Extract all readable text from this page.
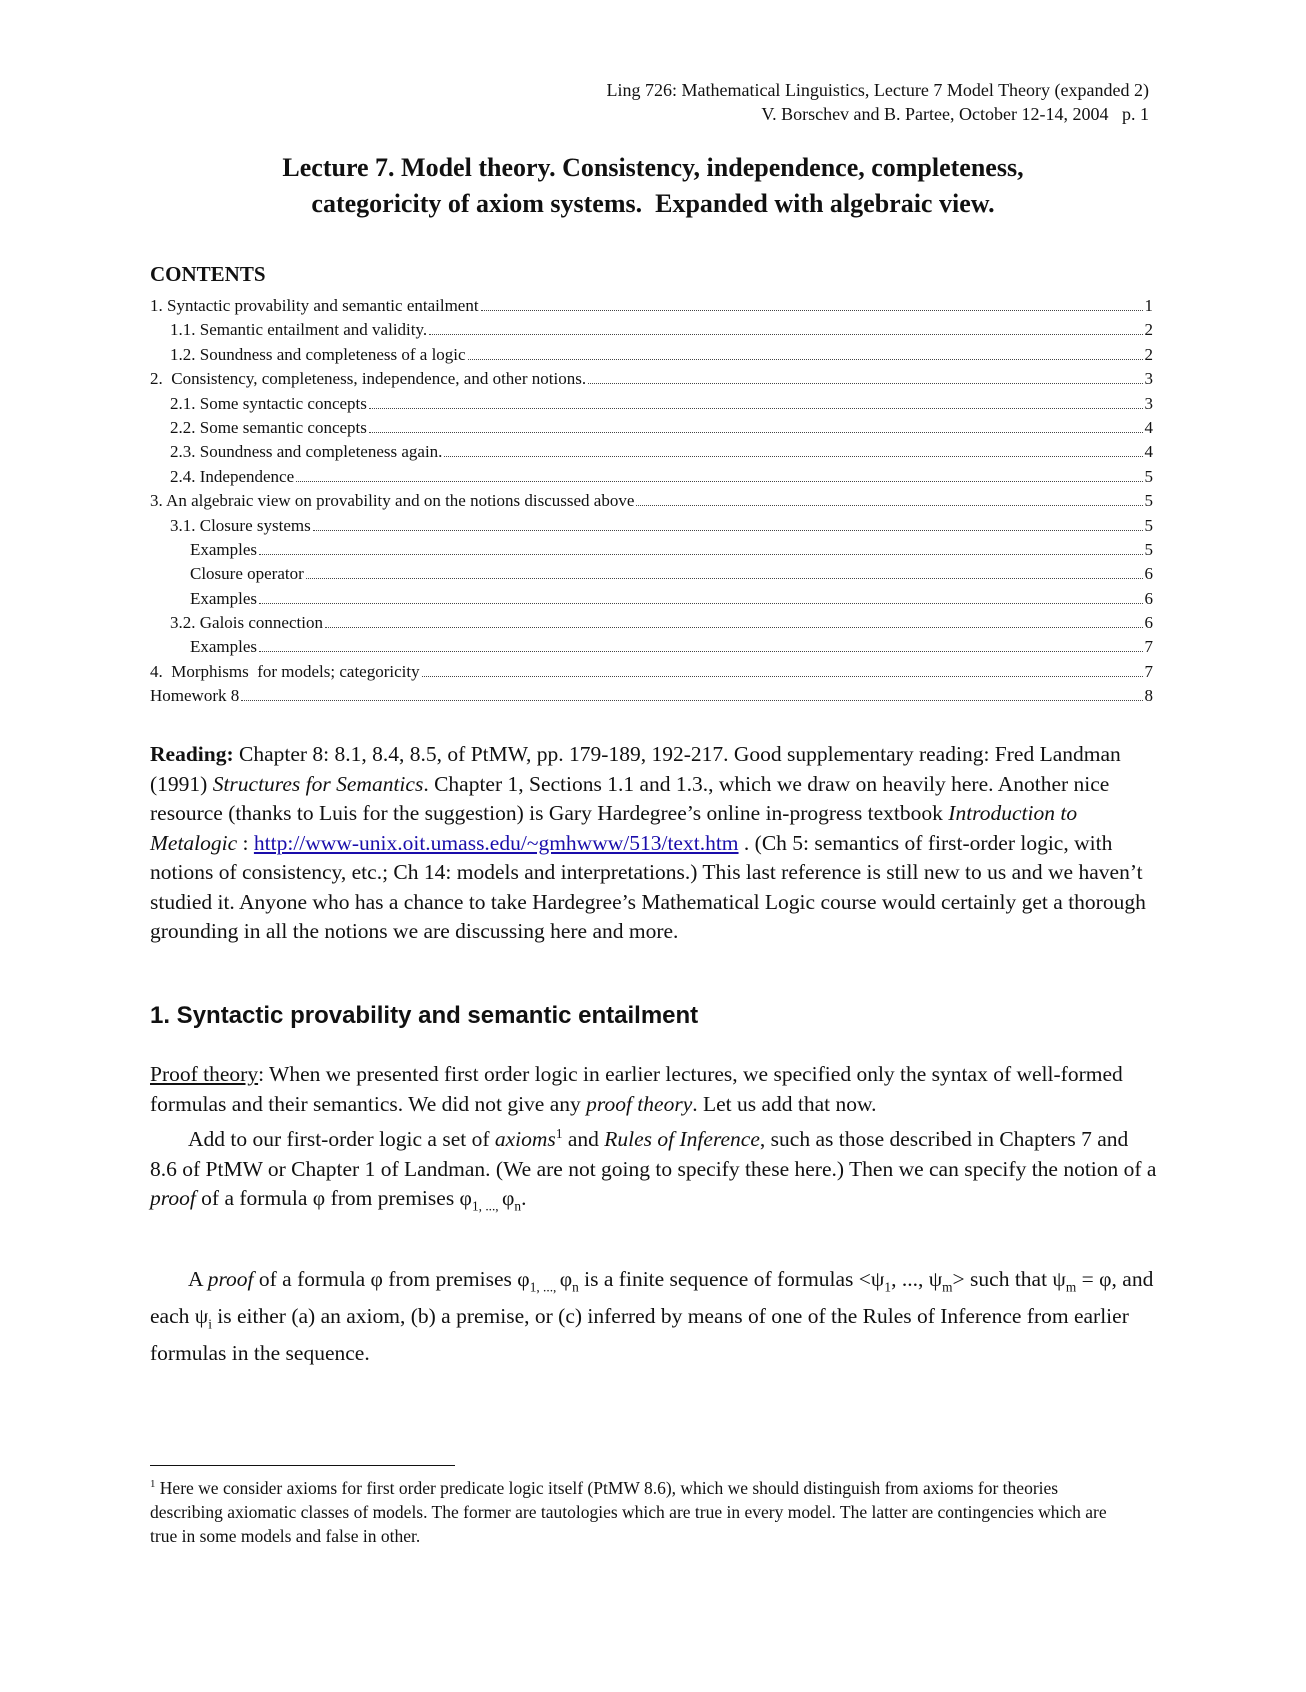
Ling 726: Mathematical Linguistics, Lecture 7 Model Theory (expanded 2)
V. Borschev and B. Partee, October 12-14, 2004   p. 1
Lecture 7. Model theory. Consistency, independence, completeness,
categoricity of axiom systems.  Expanded with algebraic view.
CONTENTS
1. Syntactic provability and semantic entailment	1
1.1. Semantic entailment and validity.	2
1.2. Soundness and completeness of a logic	2
2.  Consistency, completeness, independence, and other notions.	3
2.1. Some syntactic concepts	3
2.2. Some semantic concepts	4
2.3. Soundness and completeness again.	4
2.4. Independence	5
3. An algebraic view on provability and on the notions discussed above	5
3.1. Closure systems	5
Examples	5
Closure operator	6
Examples	6
3.2. Galois connection	6
Examples	7
4.  Morphisms  for models; categoricity	7
Homework 8	8

Reading: Chapter 8: 8.1, 8.4, 8.5, of PtMW, pp. 179-189, 192-217. Good supplementary reading: Fred Landman (1991) Structures for Semantics. Chapter 1, Sections 1.1 and 1.3., which we draw on heavily here. Another nice resource (thanks to Luis for the suggestion) is Gary Hardegree’s online in-progress textbook Introduction to Metalogic : http://www-unix.oit.umass.edu/~gmhwww/513/text.htm . (Ch 5: semantics of first-order logic, with notions of consistency, etc.; Ch 14: models and interpretations.) This last reference is still new to us and we haven’t studied it. Anyone who has a chance to take Hardegree’s Mathematical Logic course would certainly get a thorough grounding in all the notions we are discussing here and more.

1. Syntactic provability and semantic entailment

Proof theory: When we presented first order logic in earlier lectures, we specified only the syntax of well-formed formulas and their semantics. We did not give any proof theory. Let us add that now.

Add to our first-order logic a set of axioms$^1$ and Rules of Inference, such as those described in Chapters 7 and 8.6 of PtMW or Chapter 1 of Landman. (We are not going to specify these here.) Then we can specify the notion of a proof of a formula φ from premises $\varphi_{1, ...,}$ $\varphi_n$.

A proof of a formula φ from premises $\varphi_{1, ...,}$ $\varphi_n$ is a finite sequence of formulas $<\psi_1$, ..., $\psi_m>$ such that $\psi_m = \varphi$, and each $\psi_i$ is either (a) an axiom, (b) a premise, or (c) inferred by means of one of the Rules of Inference from earlier formulas in the sequence.

$^1$ Here we consider axioms for first order predicate logic itself (PtMW 8.6), which we should distinguish from axioms for theories describing axiomatic classes of models. The former are tautologies which are true in every model. The latter are contingencies which are true in some models and false in other.
